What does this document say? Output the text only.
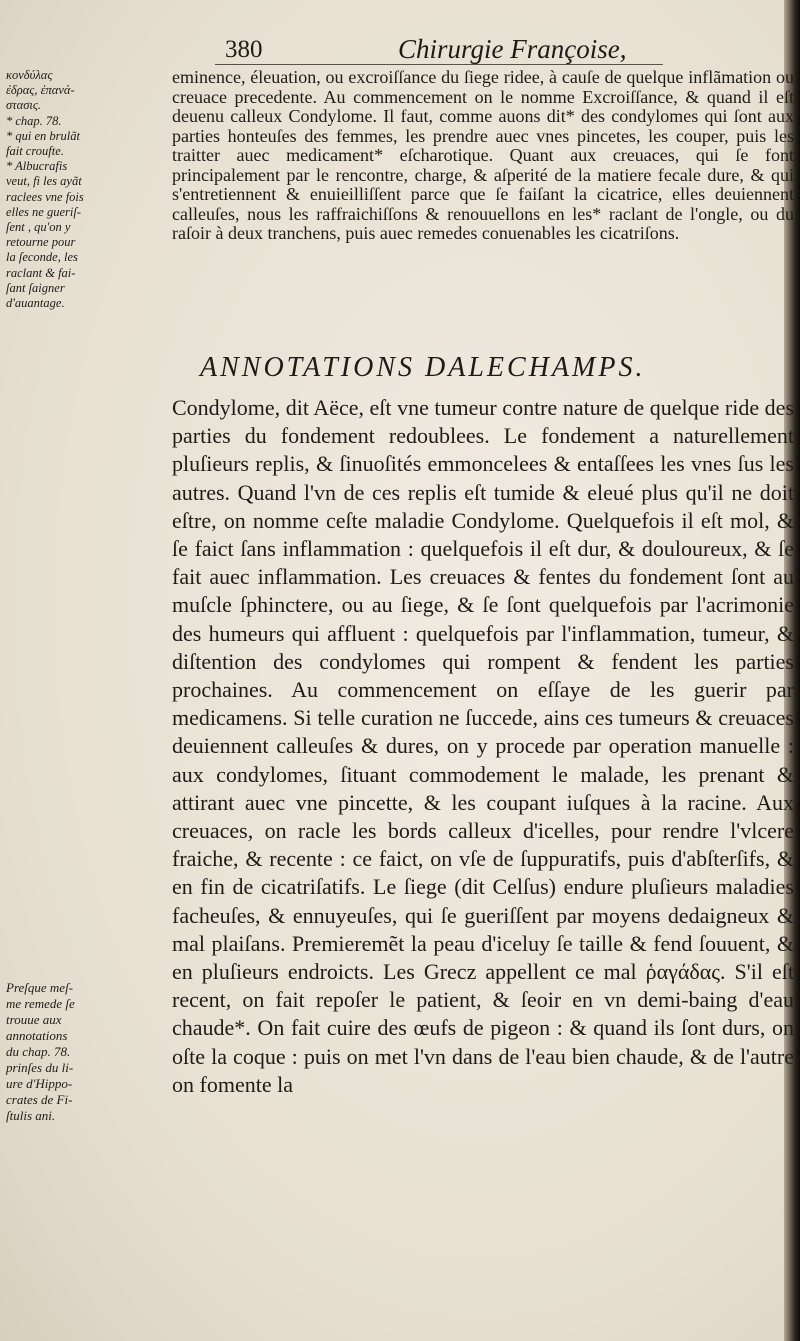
380	Chirurgie Françoise,
κονδύλας
ἐδρας, ἐπανά-
στασις.
* chap. 78.
* qui en brulãt
fait croufte.
* Albucrafis
veut, fi les ayãt
raclees vne fois
elles ne gueriſ-
ſent , qu'on y
retourne pour
la ſeconde, les
raclant & fai-
ſant ſaigner
d'auantage.

eminence, éleuation, ou excroiſſance du ſiege ridee, à cauſe de quelque inflãmation ou creuace precedente. Au commencement on le nomme Excroiſſance, & quand il eſt deuenu calleux Condylome. Il faut, comme auons dit* des condylomes qui ſont aux parties honteuſes des femmes, les prendre auec vnes pincetes, les couper, puis les traitter auec medicament* eſcharotique. Quant aux creuaces, qui ſe font principalement par le rencontre, charge, & aſperité de la matiere fecale dure, & qui s'entretiennent & enuieilliſſent parce que ſe faiſant la cicatrice, elles deuiennent calleuſes, nous les raffraichiſſons & renouuellons en les* raclant de l'ongle, ou du raſoir à deux tranchens, puis auec remedes conuenables les cicatriſons.

ANNOTATIONS DALECHAMPS.

Condylome, dit Aëce, eſt vne tumeur contre nature de quelque ride des parties du fondement redoublees. Le fondement a naturellement pluſieurs replis, & ſinuoſités emmoncelees & entaſſees les vnes ſus les autres. Quand l'vn de ces replis eſt tumide & eleué plus qu'il ne doit eſtre, on nomme ceſte maladie Condylome. Quelquefois il eſt mol, & ſe faict ſans inflammation : quelquefois il eſt dur, & douloureux, & ſe fait auec inflammation. Les creuaces & fentes du fondement ſont au muſcle ſphinctere, ou au ſiege, & ſe ſont quelquefois par l'acrimonie des humeurs qui affluent : quelquefois par l'inflammation, tumeur, & diſtention des condylomes qui rompent & fendent les parties prochaines. Au commencement on eſſaye de les guerir par medicamens. Si telle curation ne ſuccede, ains ces tumeurs & creuaces deuiennent calleuſes & dures, on y procede par operation manuelle : aux condylomes, ſituant commodement le malade, les prenant & attirant auec vne pincette, & les coupant iuſques à la racine. Aux creuaces, on racle les bords calleux d'icelles, pour rendre l'vlcere fraiche, & recente : ce faict, on vſe de ſuppuratifs, puis d'abſterſifs, & en fin de cicatriſatifs. Le ſiege (dit Celſus) endure pluſieurs maladies facheuſes, & ennuyeuſes, qui ſe gueriſſent par moyens dedaigneux & mal plaiſans. Premieremẽt la peau d'iceluy ſe taille & fend ſouuent, & en pluſieurs endroicts. Les Grecz appellent ce mal ῥαγάδας. S'il eſt recent, on fait repoſer le patient, & ſeoir en vn demi-baing d'eau chaude*. On fait cuire des œufs de pigeon : & quand ils ſont durs, on oſte la coque : puis on met l'vn dans de l'eau bien chaude, & de l'autre on fomente la

Preſque meſ-
me remede ſe
trouue aux
annotations
du chap. 78.
prinſes du li-
ure d'Hippo-
crates de Fi-
ſtulis ani.
